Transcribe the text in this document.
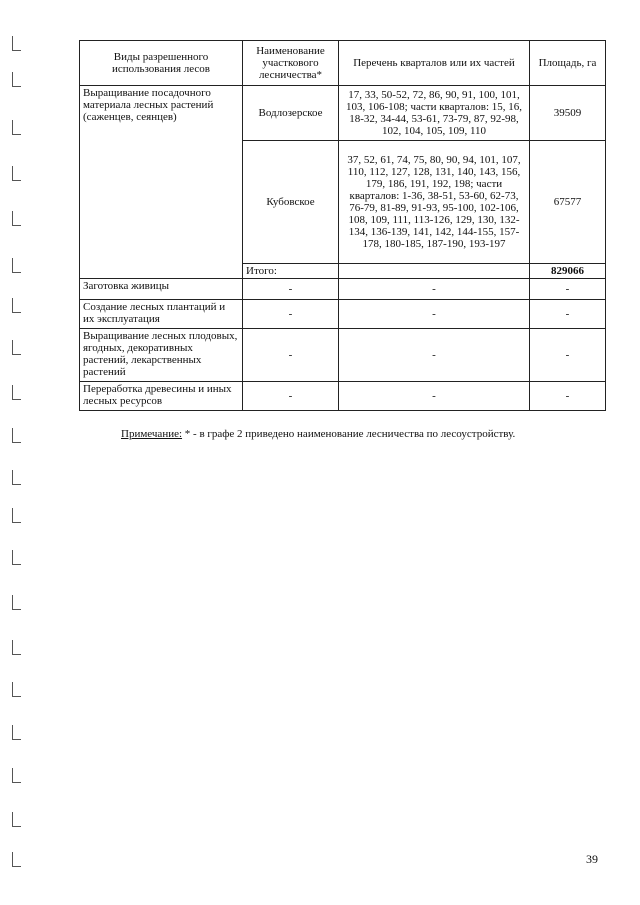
Виды разрешенного использования лесов	Наименование участкового лесничества*	Перечень кварталов или их частей	Площадь, га
Выращивание посадочного материала лесных растений (саженцев, сеянцев)	Водлозерское	17, 33, 50-52, 72, 86, 90, 91, 100, 101, 103, 106-108; части кварталов: 15, 16, 18-32, 34-44, 53-61, 73-79, 87, 92-98, 102, 104, 105, 109, 110	39509
	Кубовское	37, 52, 61, 74, 75, 80, 90, 94, 101, 107, 110, 112, 127, 128, 131, 140, 143, 156, 179, 186, 191, 192, 198; части кварталов: 1-36, 38-51, 53-60, 62-73, 76-79, 81-89, 91-93, 95-100, 102-106, 108, 109, 111, 113-126, 129, 130, 132-134, 136-139, 141, 142, 144-155, 157-178, 180-185, 187-190, 193-197	67577
	Итого:		829066
Заготовка живицы	-	-	-
Создание лесных плантаций и их эксплуатация	-	-	-
Выращивание лесных плодовых, ягодных, декоративных растений, лекарственных растений	-	-	-
Переработка древесины и иных лесных ресурсов	-	-	-
Примечание: * - в графе 2 приведено наименование лесничества по лесоустройству.
39
